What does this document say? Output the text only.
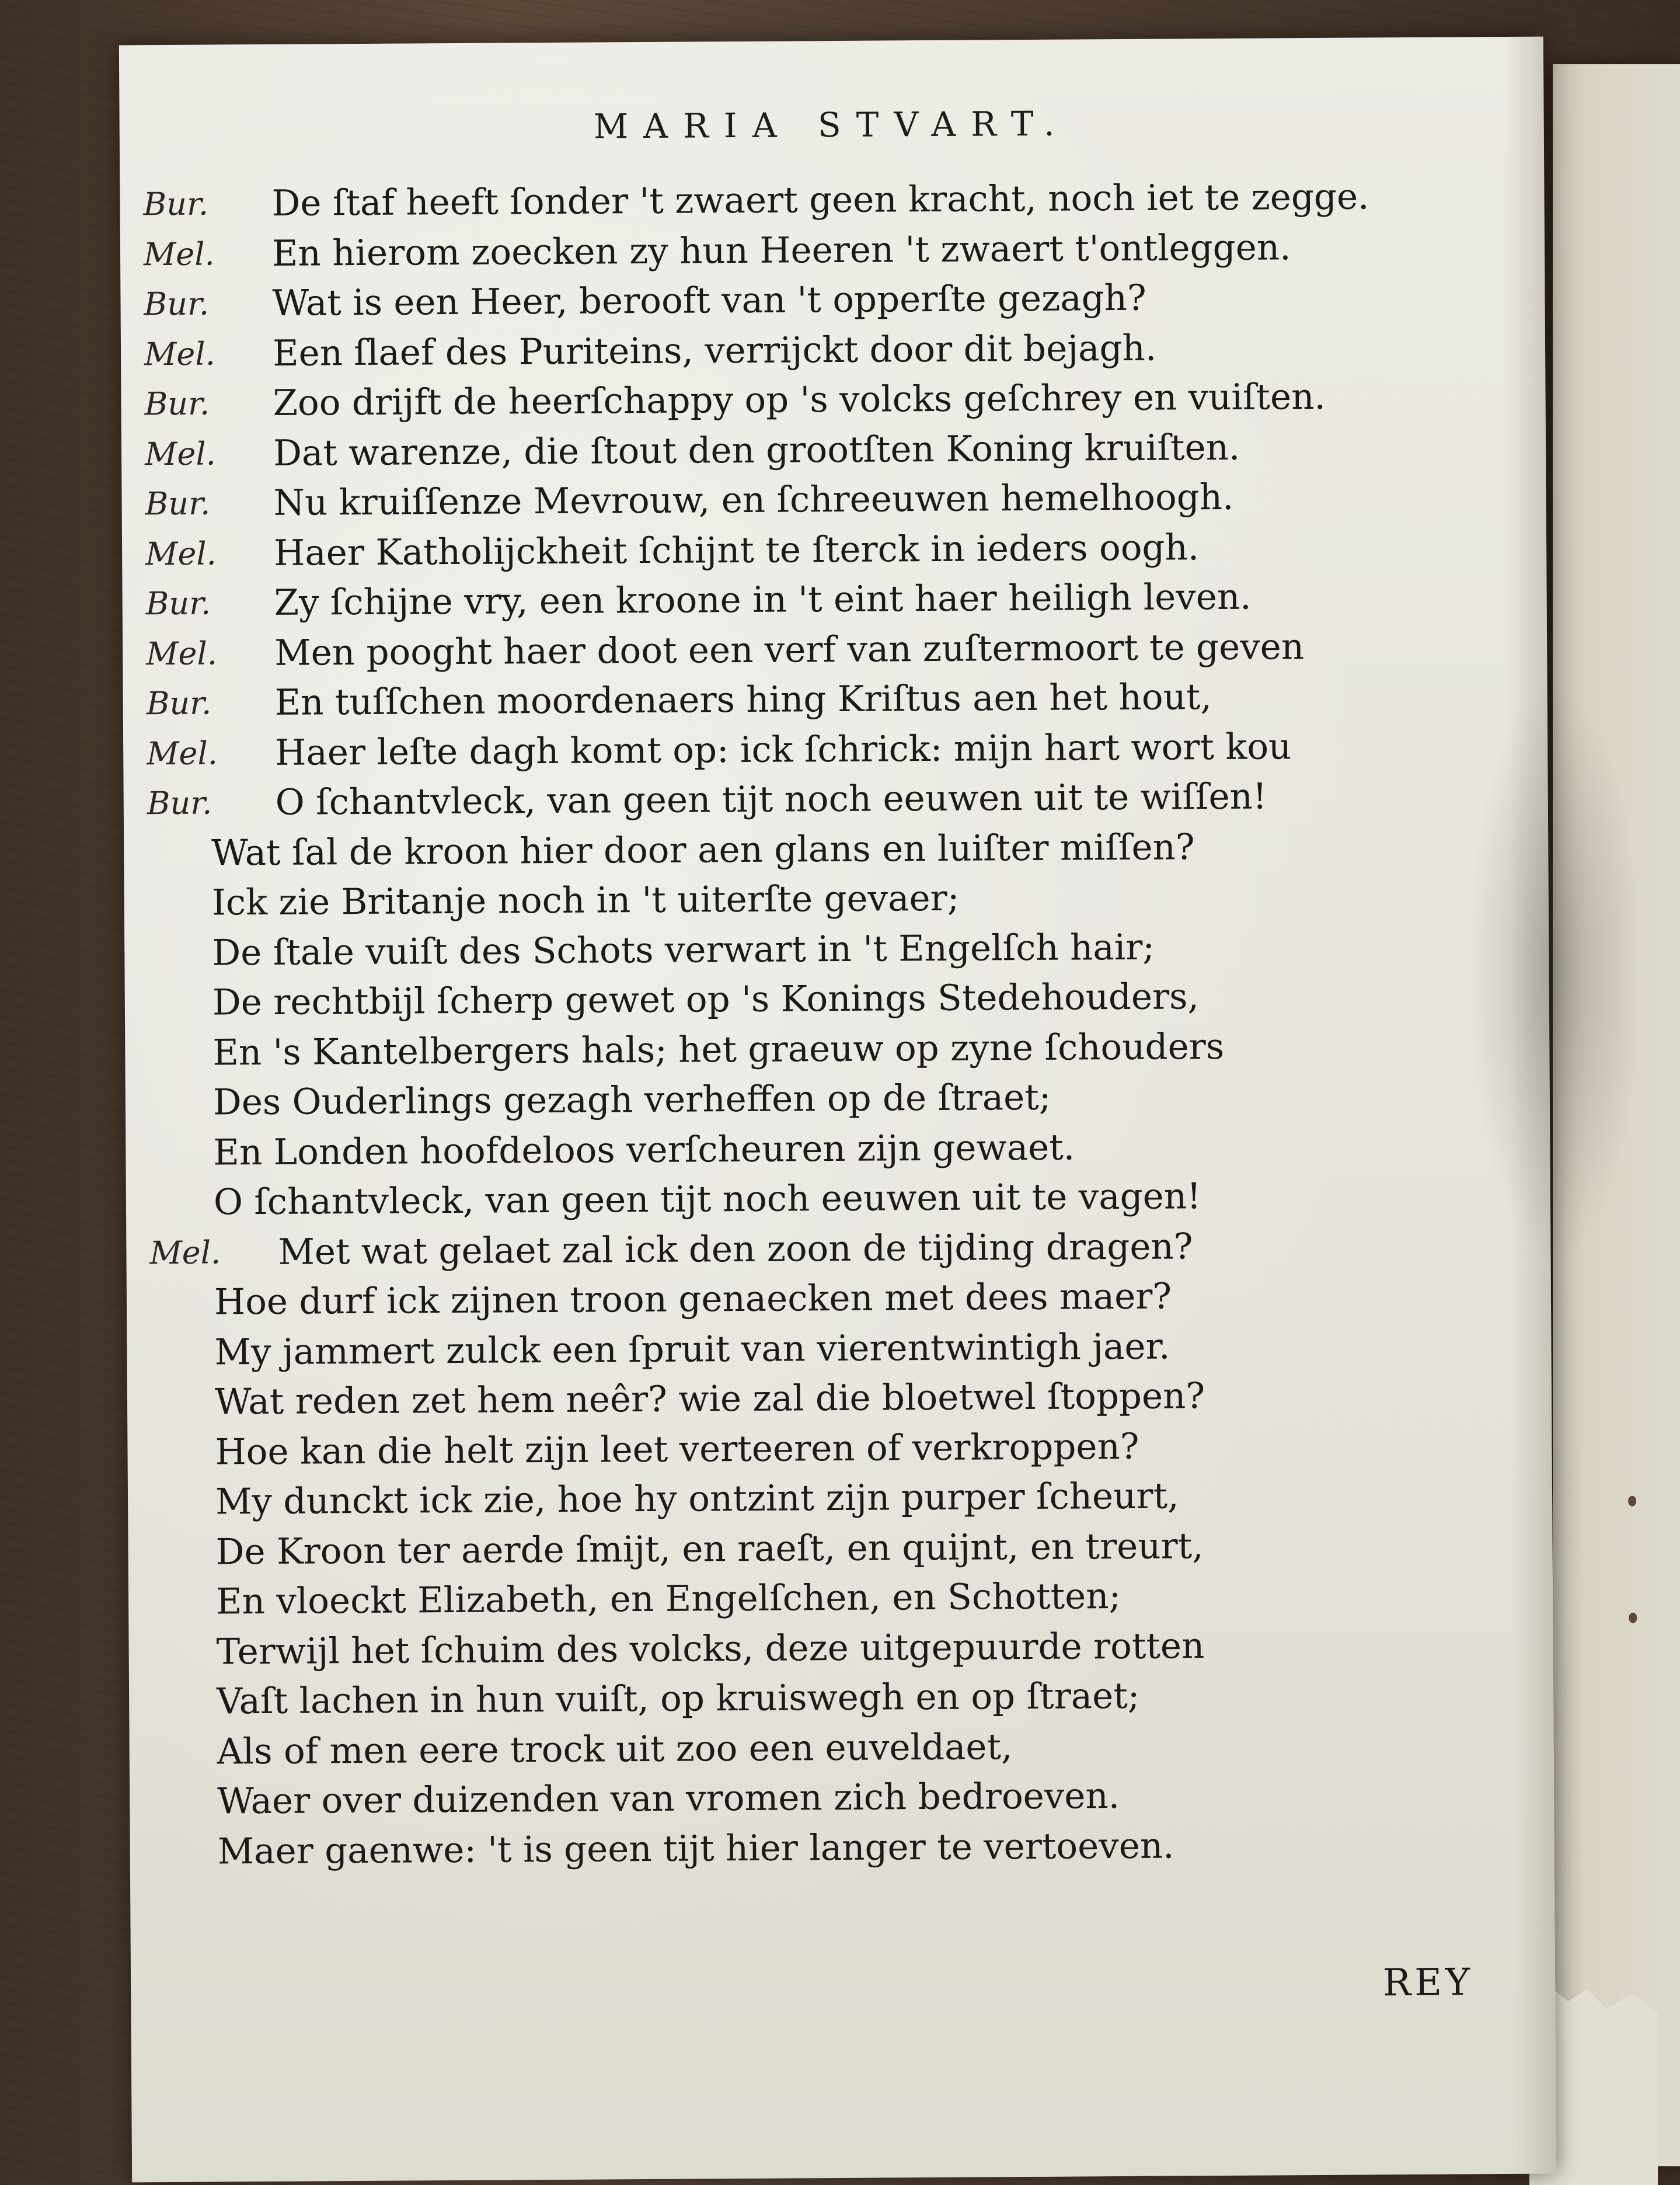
MARIA STVART.
Bur.	De ſtaf heeft ſonder 't zwaert geen kracht, noch iet te zegge.
Mel.	En hierom zoecken zy hun Heeren 't zwaert t'ontleggen.
Bur.	Wat is een Heer, berooft van 't opperſte gezagh?
Mel.	Een ſlaef des Puriteins, verrijckt door dit bejagh.
Bur.	Zoo drijft de heerſchappy op 's volcks geſchrey en vuiſten.
Mel.	Dat warenze, die ſtout den grootſten Koning kruiſten.
Bur.	Nu kruiſſenze Mevrouw, en ſchreeuwen hemelhoogh.
Mel.	Haer Katholijckheit ſchijnt te ſterck in ieders oogh.
Bur.	Zy ſchijne vry, een kroone in 't eint haer heiligh leven.
Mel.	Men pooght haer doot een verf van zuſtermoort te geven
Bur.	En tuſſchen moordenaers hing Kriſtus aen het hout,
Mel.	Haer leſte dagh komt op: ick ſchrick: mijn hart wort kou
Bur.	O ſchantvleck, van geen tijt noch eeuwen uit te wiſſen!
Wat ſal de kroon hier door aen glans en luiſter miſſen?
Ick zie Britanje noch in 't uiterſte gevaer;
De ſtale vuiſt des Schots verwart in 't Engelſch hair;
De rechtbijl ſcherp gewet op 's Konings Stedehouders,
En 's Kantelbergers hals; het graeuw op zyne ſchouders
Des Ouderlings gezagh verheffen op de ſtraet;
En Londen hoofdeloos verſcheuren zijn gewaet.
O ſchantvleck, van geen tijt noch eeuwen uit te vagen!
Mel.	Met wat gelaet zal ick den zoon de tijding dragen?
Hoe durf ick zijnen troon genaecken met dees maer?
My jammert zulck een ſpruit van vierentwintigh jaer.
Wat reden zet hem neêr? wie zal die bloetwel ſtoppen?
Hoe kan die helt zijn leet verteeren of verkroppen?
My dunckt ick zie, hoe hy ontzint zijn purper ſcheurt,
De Kroon ter aerde ſmijt, en raeſt, en quijnt, en treurt,
En vloeckt Elizabeth, en Engelſchen, en Schotten;
Terwijl het ſchuim des volcks, deze uitgepuurde rotten
Vaſt lachen in hun vuiſt, op kruiswegh en op ſtraet;
Als of men eere trock uit zoo een euveldaet,
Waer over duizenden van vromen zich bedroeven.
Maer gaenwe: 't is geen tijt hier langer te vertoeven.
REY
